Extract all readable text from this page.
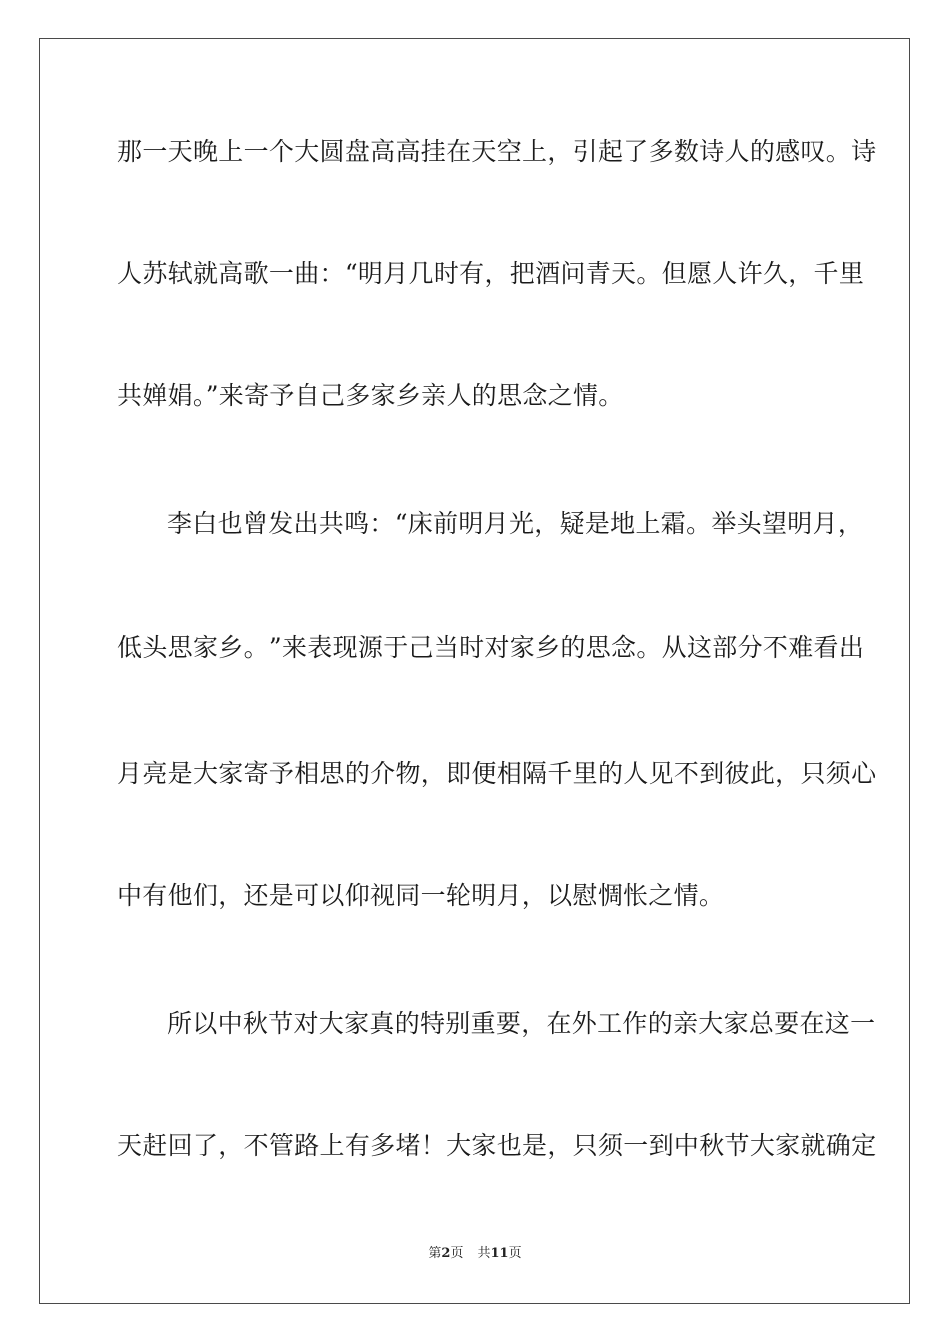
那 一 天 晚 上 一 个 大 圆 盘 高 高 挂 在 天 空 上 ， 引 起 了 多 数 诗 人 的 感 叹 。 诗
人 苏 轼 就 高 歌 一 曲 ： “ 明 月 几 时 有 ， 把 酒 问 青 天 。 但 愿 人 许 久 ， 千 里
共婵娟。”来寄予自己多家乡亲人的思念之情。
李白也曾发出共鸣：“床前明月光，疑是地上霜。举头望明月，
低 头 思 家 乡 。 ” 来 表 现 源 于 己 当 时 对 家 乡 的 思 念 。 从 这 部 分 不 难 看 出
月 亮 是 大 家 寄 予 相 思 的 介 物 ， 即 便 相 隔 千 里 的 人 见 不 到 彼 此 ， 只 须 心
中有他们，还是可以仰视同一轮明月，以慰惆怅之情。
所以中秋节对大家真的特别重要，在外工作的亲大家总要在这一
天 赶 回 了 ， 不 管 路 上 有 多 堵 ！ 大 家 也 是 ， 只 须 一 到 中 秋 节 大 家 就 确 定
第2页 共11页
